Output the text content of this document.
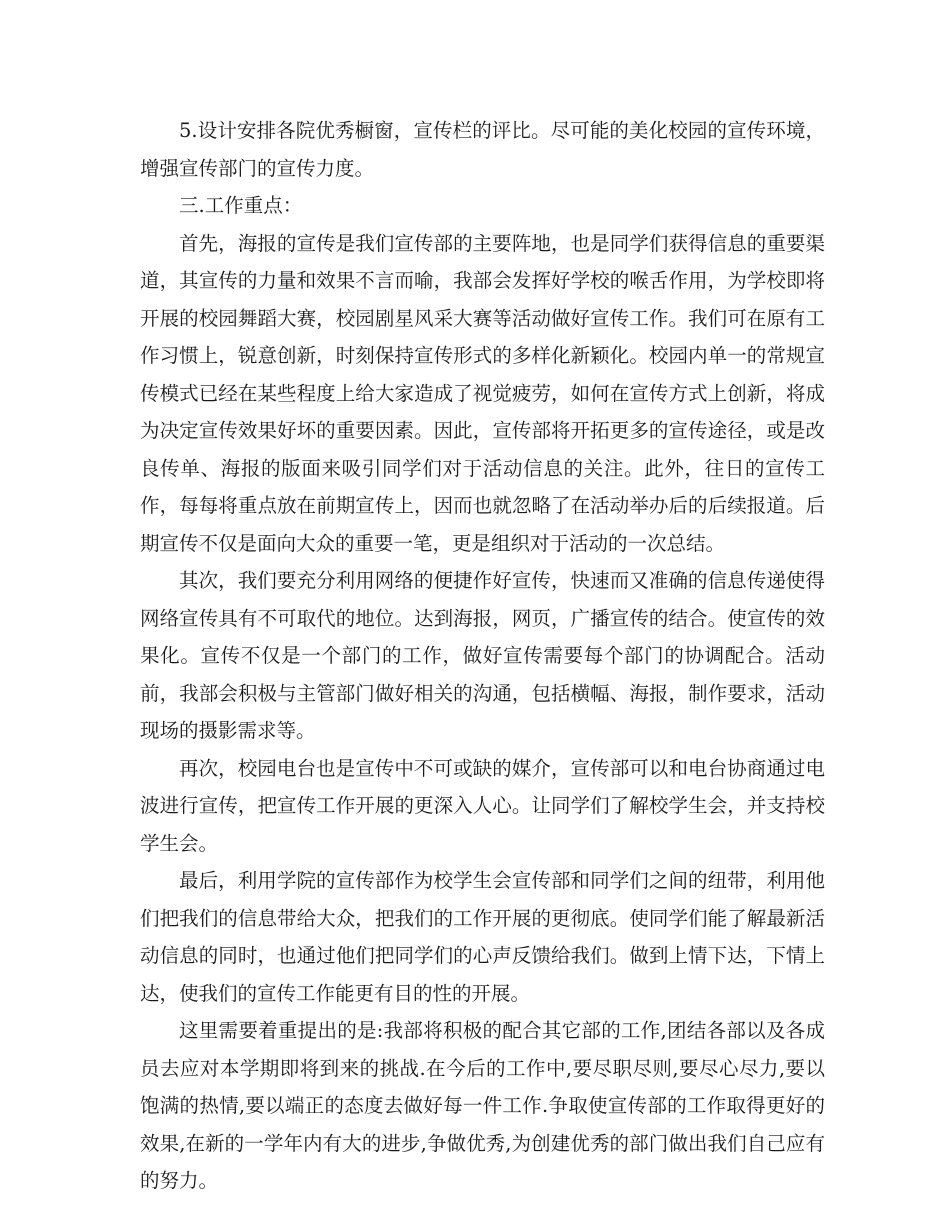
5.设计安排各院优秀橱窗，宣传栏的评比。尽可能的美化校园的宣传环境，增强宣传部门的宣传力度。

三.工作重点：

首先，海报的宣传是我们宣传部的主要阵地，也是同学们获得信息的重要渠道，其宣传的力量和效果不言而喻，我部会发挥好学校的喉舌作用，为学校即将开展的校园舞蹈大赛，校园剧星风采大赛等活动做好宣传工作。我们可在原有工作习惯上，锐意创新，时刻保持宣传形式的多样化新颖化。校园内单一的常规宣传模式已经在某些程度上给大家造成了视觉疲劳，如何在宣传方式上创新，将成为决定宣传效果好坏的重要因素。因此，宣传部将开拓更多的宣传途径，或是改良传单、海报的版面来吸引同学们对于活动信息的关注。此外，往日的宣传工作，每每将重点放在前期宣传上，因而也就忽略了在活动举办后的后续报道。后期宣传不仅是面向大众的重要一笔，更是组织对于活动的一次总结。

其次，我们要充分利用网络的便捷作好宣传，快速而又准确的信息传递使得网络宣传具有不可取代的地位。达到海报，网页，广播宣传的结合。使宣传的效果化。宣传不仅是一个部门的工作，做好宣传需要每个部门的协调配合。活动前，我部会积极与主管部门做好相关的沟通，包括横幅、海报，制作要求，活动现场的摄影需求等。

再次，校园电台也是宣传中不可或缺的媒介，宣传部可以和电台协商通过电波进行宣传，把宣传工作开展的更深入人心。让同学们了解校学生会，并支持校学生会。

最后，利用学院的宣传部作为校学生会宣传部和同学们之间的纽带，利用他们把我们的信息带给大众，把我们的工作开展的更彻底。使同学们能了解最新活动信息的同时，也通过他们把同学们的心声反馈给我们。做到上情下达，下情上达，使我们的宣传工作能更有目的性的开展。

这里需要着重提出的是:我部将积极的配合其它部的工作,团结各部以及各成员去应对本学期即将到来的挑战.在今后的工作中,要尽职尽则,要尽心尽力,要以饱满的热情,要以端正的态度去做好每一件工作.争取使宣传部的工作取得更好的效果,在新的一学年内有大的进步,争做优秀,为创建优秀的部门做出我们自己应有的努力。
